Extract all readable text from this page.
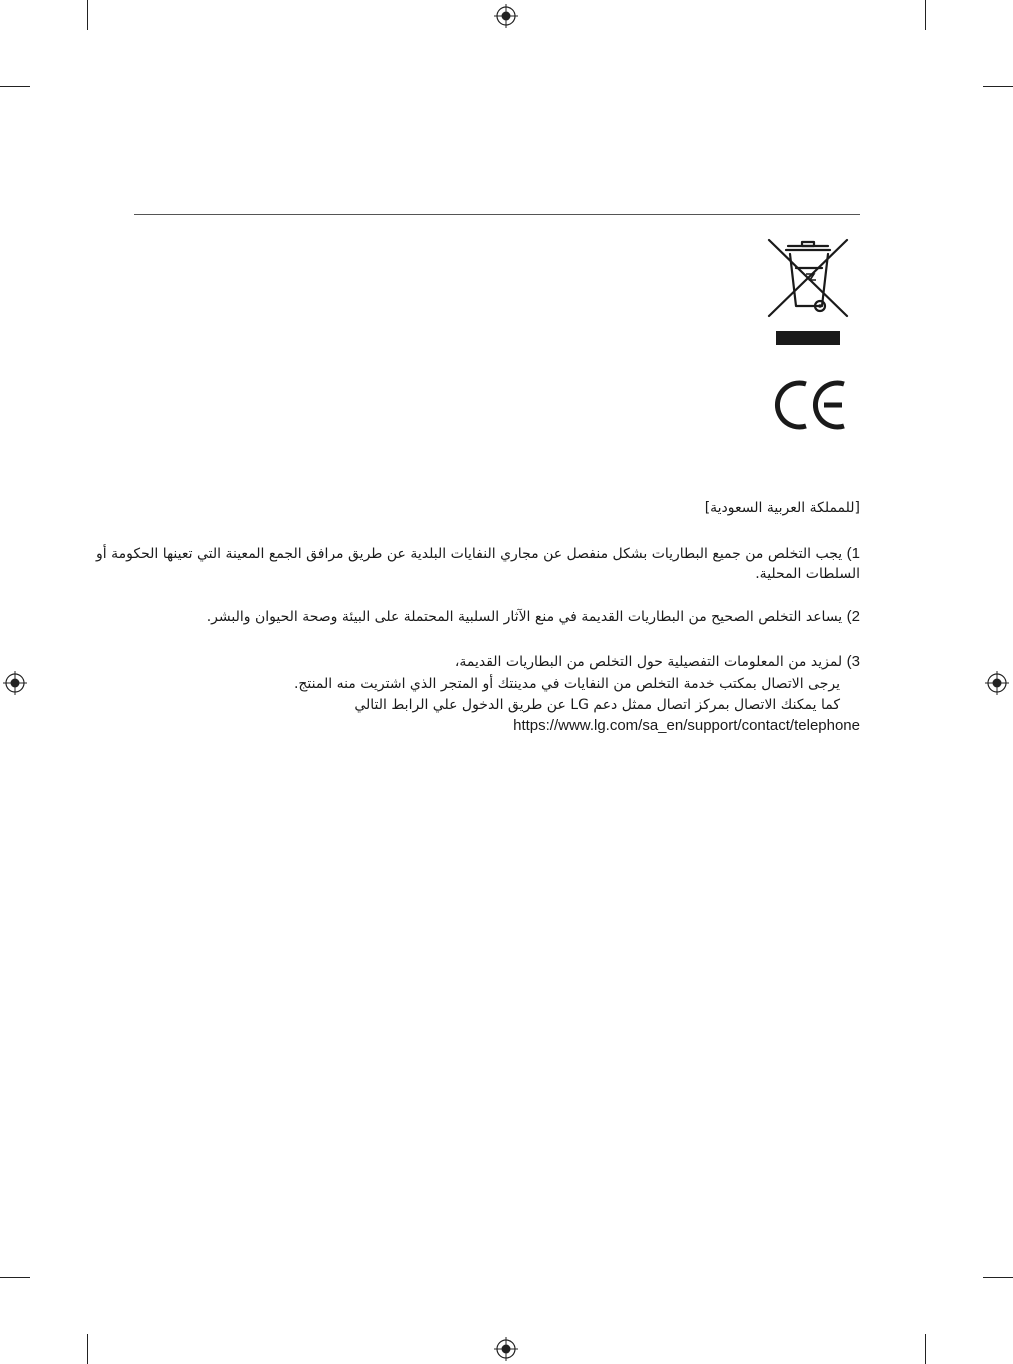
[للمملكة العربية السعودية]
1) يجب التخلص من جميع البطاريات بشكل منفصل عن مجاري النفايات البلدية عن طريق مرافق الجمع المعينة التي تعينها الحكومة أو
السلطات المحلية.
2) يساعد التخلص الصحيح من البطاريات القديمة في منع الآثار السلبية المحتملة على البيئة وصحة الحيوان والبشر.
3) لمزيد من المعلومات التفصيلية حول التخلص من البطاريات القديمة،
يرجى الاتصال بمكتب خدمة التخلص من النفايات في مدينتك أو المتجر الذي اشتريت منه المنتج.
كما يمكنك الاتصال بمركز اتصال ممثل دعم LG عن طريق الدخول علي الرابط التالي
https://www.lg.com/sa_en/support/contact/telephone
